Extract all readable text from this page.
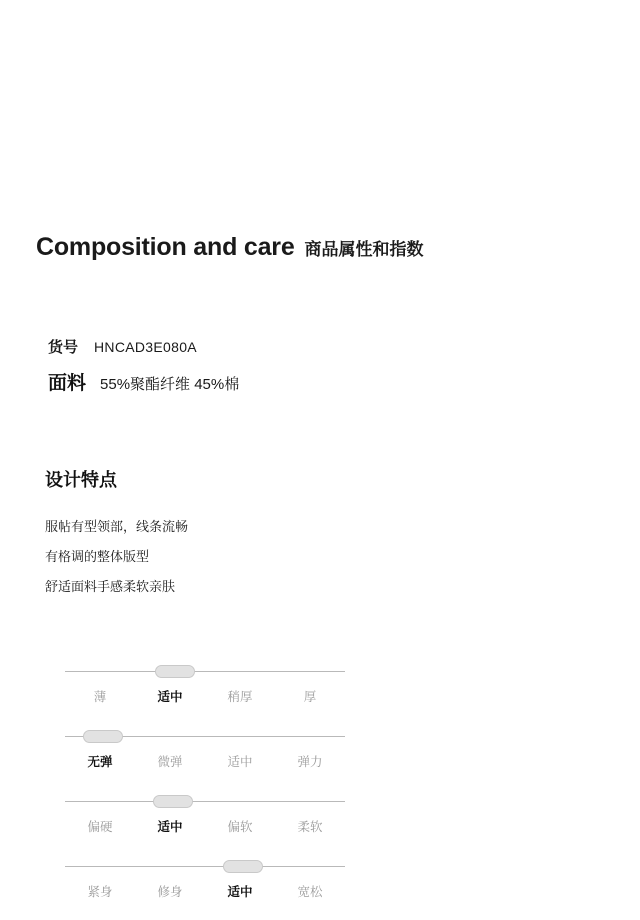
Composition and care 商品属性和指数
货号 HNCAD3E080A
面料 55%聚酯纤维 45%棉
设计特点
服帖有型领部，线条流畅
有格调的整体版型
舒适面料手感柔软亲肤
薄	适中	稍厚	厚
无弹	微弹	适中	弹力
偏硬	适中	偏软	柔软
紧身	修身	适中	宽松
